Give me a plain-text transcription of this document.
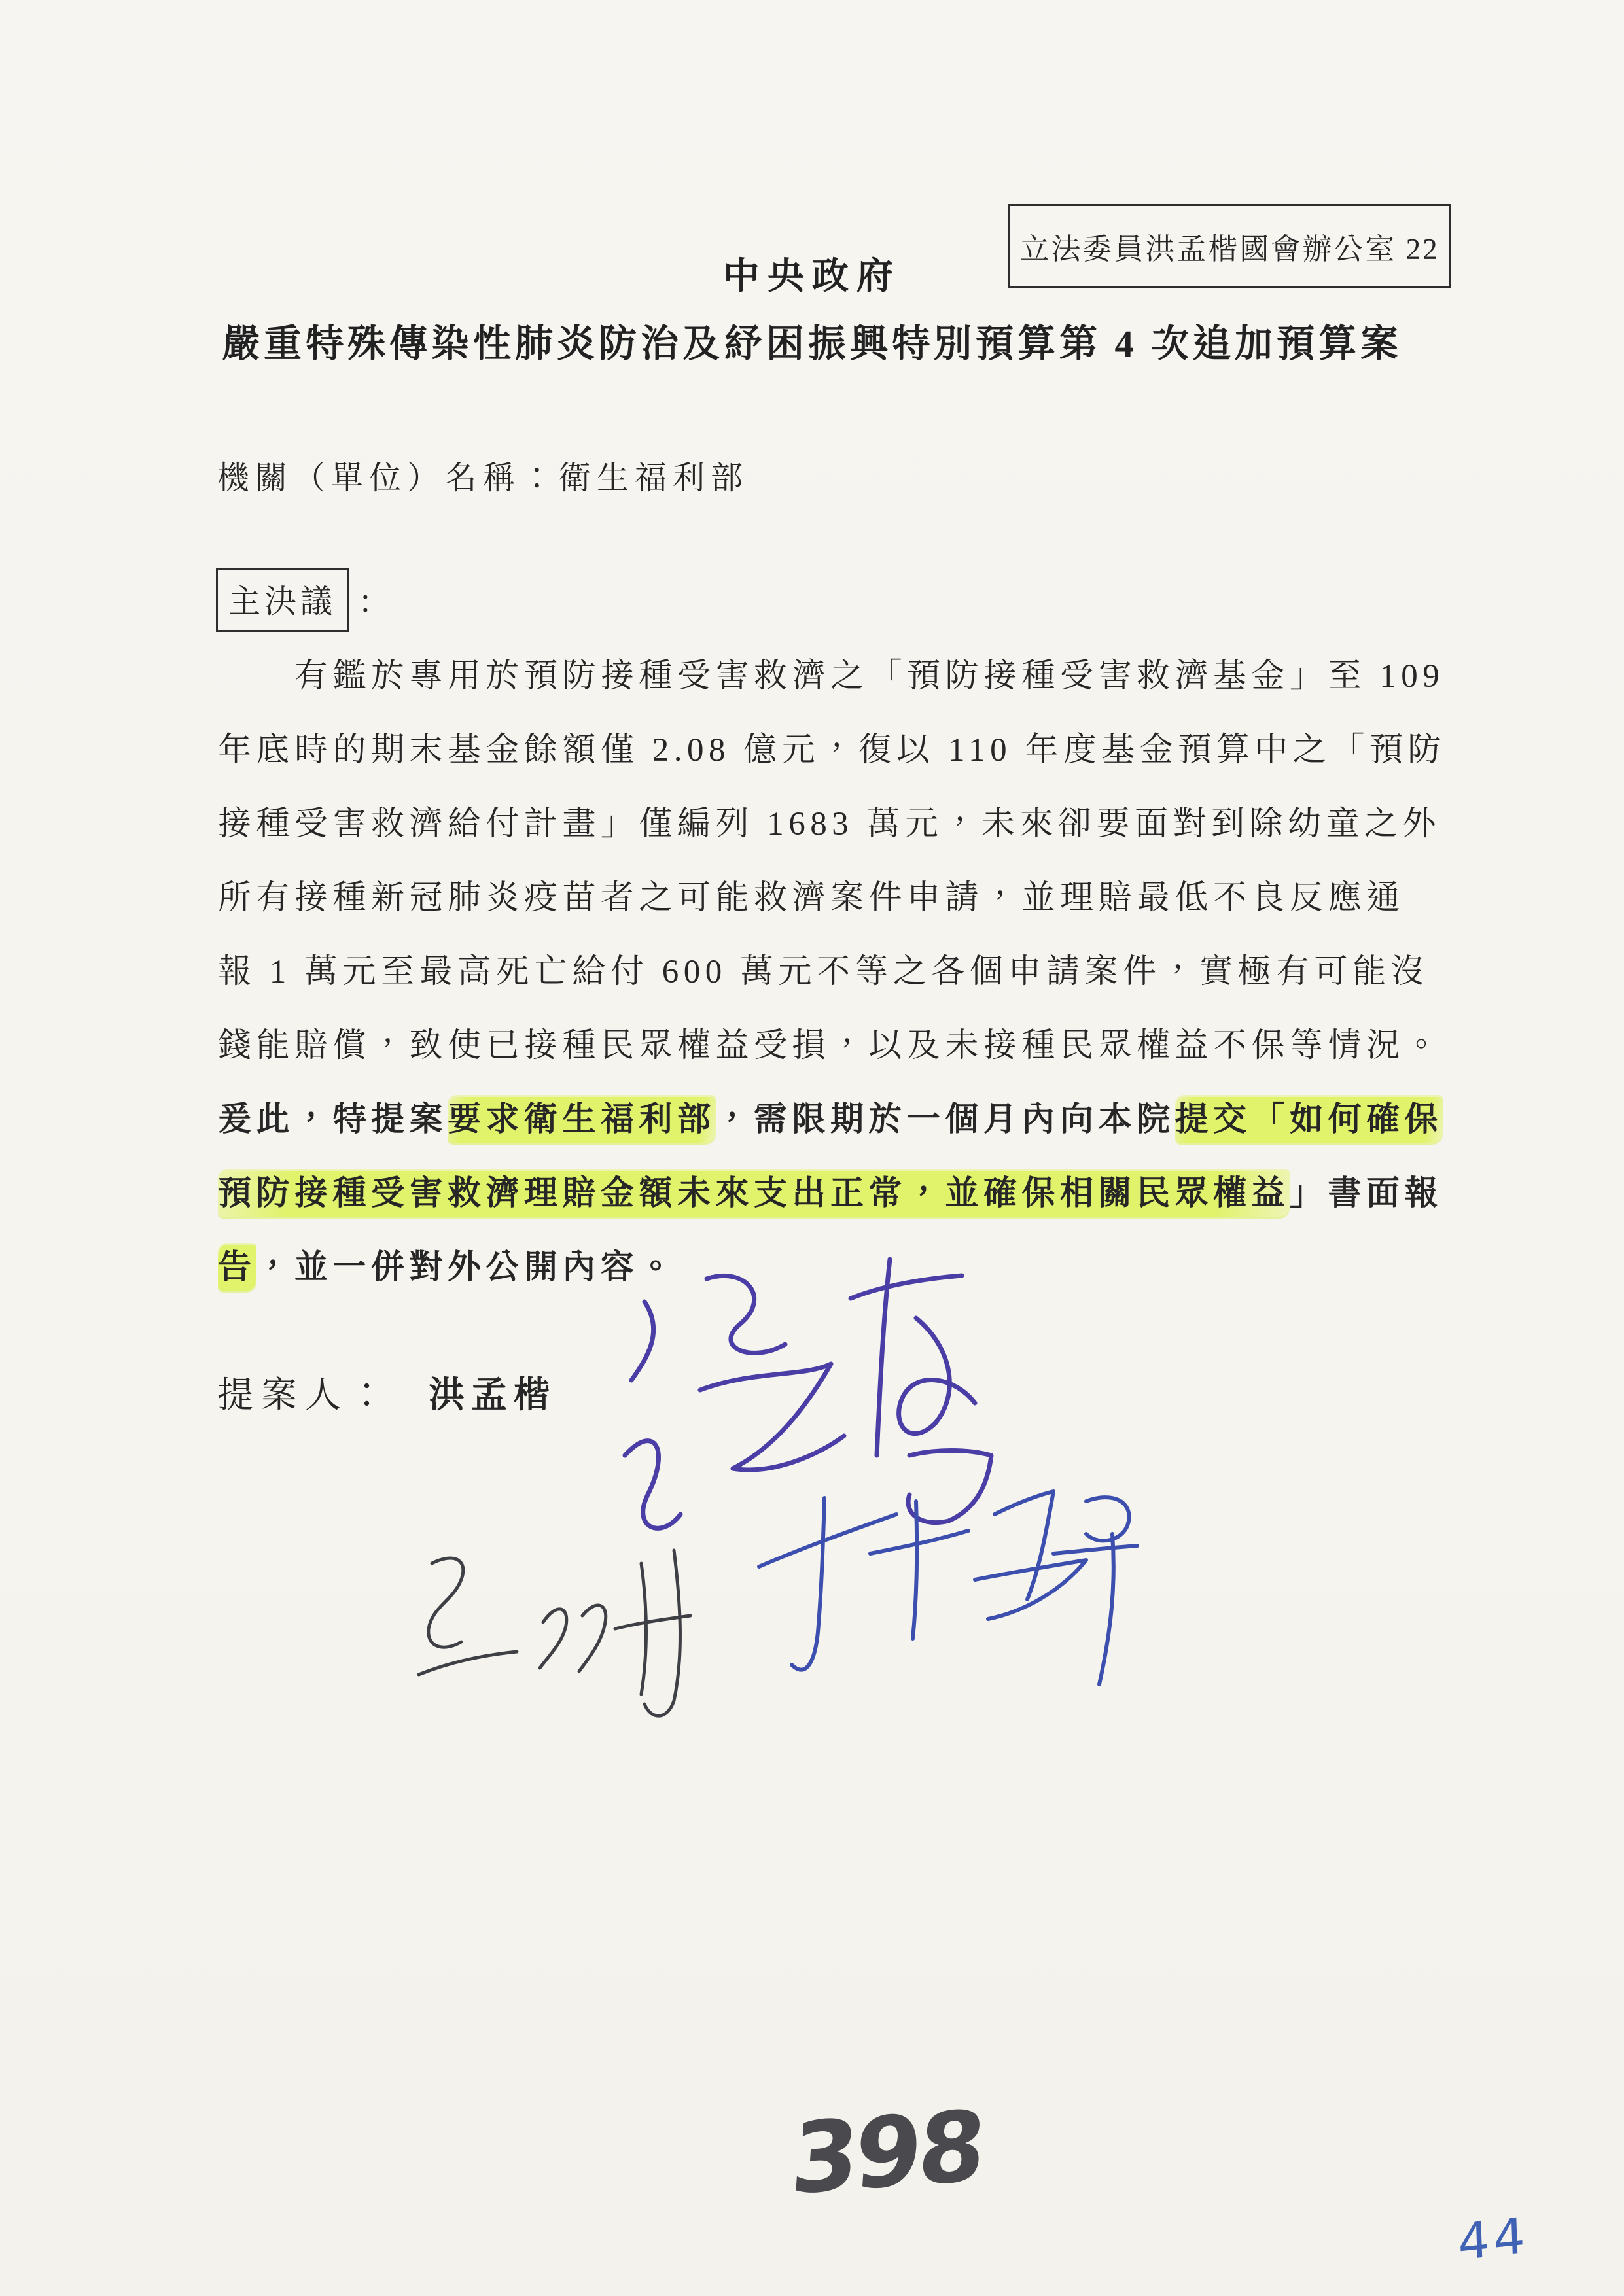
立法委員洪孟楷國會辦公室 22
中央政府
嚴重特殊傳染性肺炎防治及紓困振興特別預算第 4 次追加預算案
機關（單位）名稱：衛生福利部
主決議 ：
　　有鑑於專用於預防接種受害救濟之「預防接種受害救濟基金」至 109
年底時的期末基金餘額僅 2.08 億元，復以 110 年度基金預算中之「預防
接種受害救濟給付計畫」僅編列 1683 萬元，未來卻要面對到除幼童之外
所有接種新冠肺炎疫苗者之可能救濟案件申請，並理賠最低不良反應通
報 1 萬元至最高死亡給付 600 萬元不等之各個申請案件，實極有可能沒
錢能賠償，致使已接種民眾權益受損，以及未接種民眾權益不保等情況。
爰此，特提案要求衛生福利部，需限期於一個月內向本院提交「如何確保
預防接種受害救濟理賠金額未來支出正常，並確保相關民眾權益」書面報
告，並一併對外公開內容。
提案人： 洪孟楷
398
44
